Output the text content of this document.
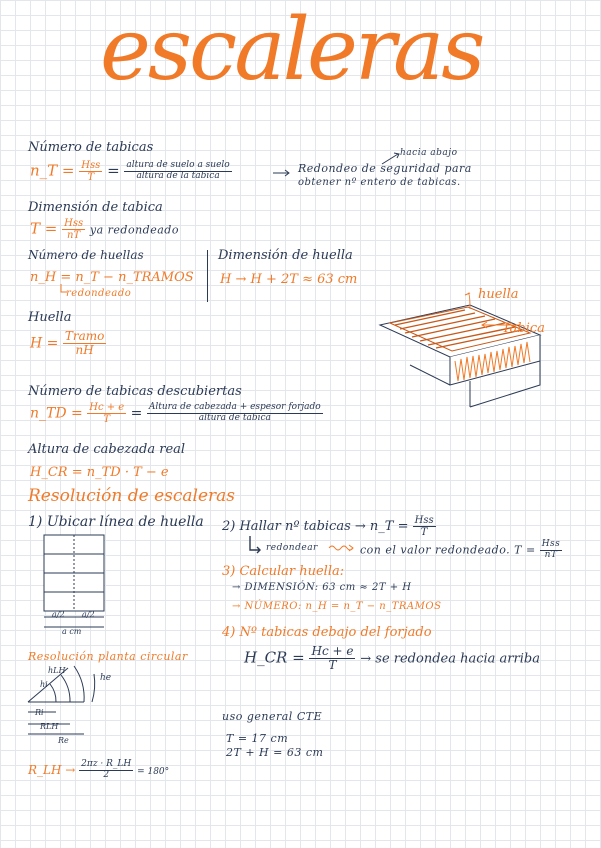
escaleras
Número de tabicas
n_T = $\frac{\text{Hss}}{T} = \frac{\text{altura de suelo a suelo}}{\text{altura de la tabica}}$
hacia abajo
Redondeo de seguridad para
obtener nº entero de tabicas.
Dimensión de tabica
$T = \frac{\text{Hss}}{nT}$ ya redondeado
Número de huellas
n_H = n_T − n_TRAMOS
redondeado
Dimensión de huella
H → H + 2T ≈ 63 cm
Huella
$H = \frac{\text{Tramo}}{nH}$
huella
Tabica
Número de tabicas descubiertas
n_TD = $\frac{Hc + e}{T} = \frac{\text{Altura de cabezada + espesor forjado}}{\text{altura de tabica}}$
Altura de cabezada real
H_CR = n_TD · T − e
Resolución de escaleras
1) Ubicar línea de huella
a/2 a/2
a cm
2) Hallar nº tabicas → n_T = $\frac{\text{Hss}}{T}$
redondear	con el valor redondeado. $T = \frac{\text{Hss}}{nT}$
3) Calcular huella:
→ DIMENSIÓN: 63 cm ≈ 2T + H
→ NÚMERO: n_H = n_T − n_TRAMOS
4) Nº tabicas debajo del forjado
H_CR = $\frac{Hc + e}{T}$ → se redondea hacia arriba
Resolución planta circular
hLH
hi
he
Ri
RLH
Re
R_LH → $\frac{2\pi z \cdot R\_LH}{2} = 180^\circ$
uso general CTE
T = 17 cm
2T + H = 63 cm
